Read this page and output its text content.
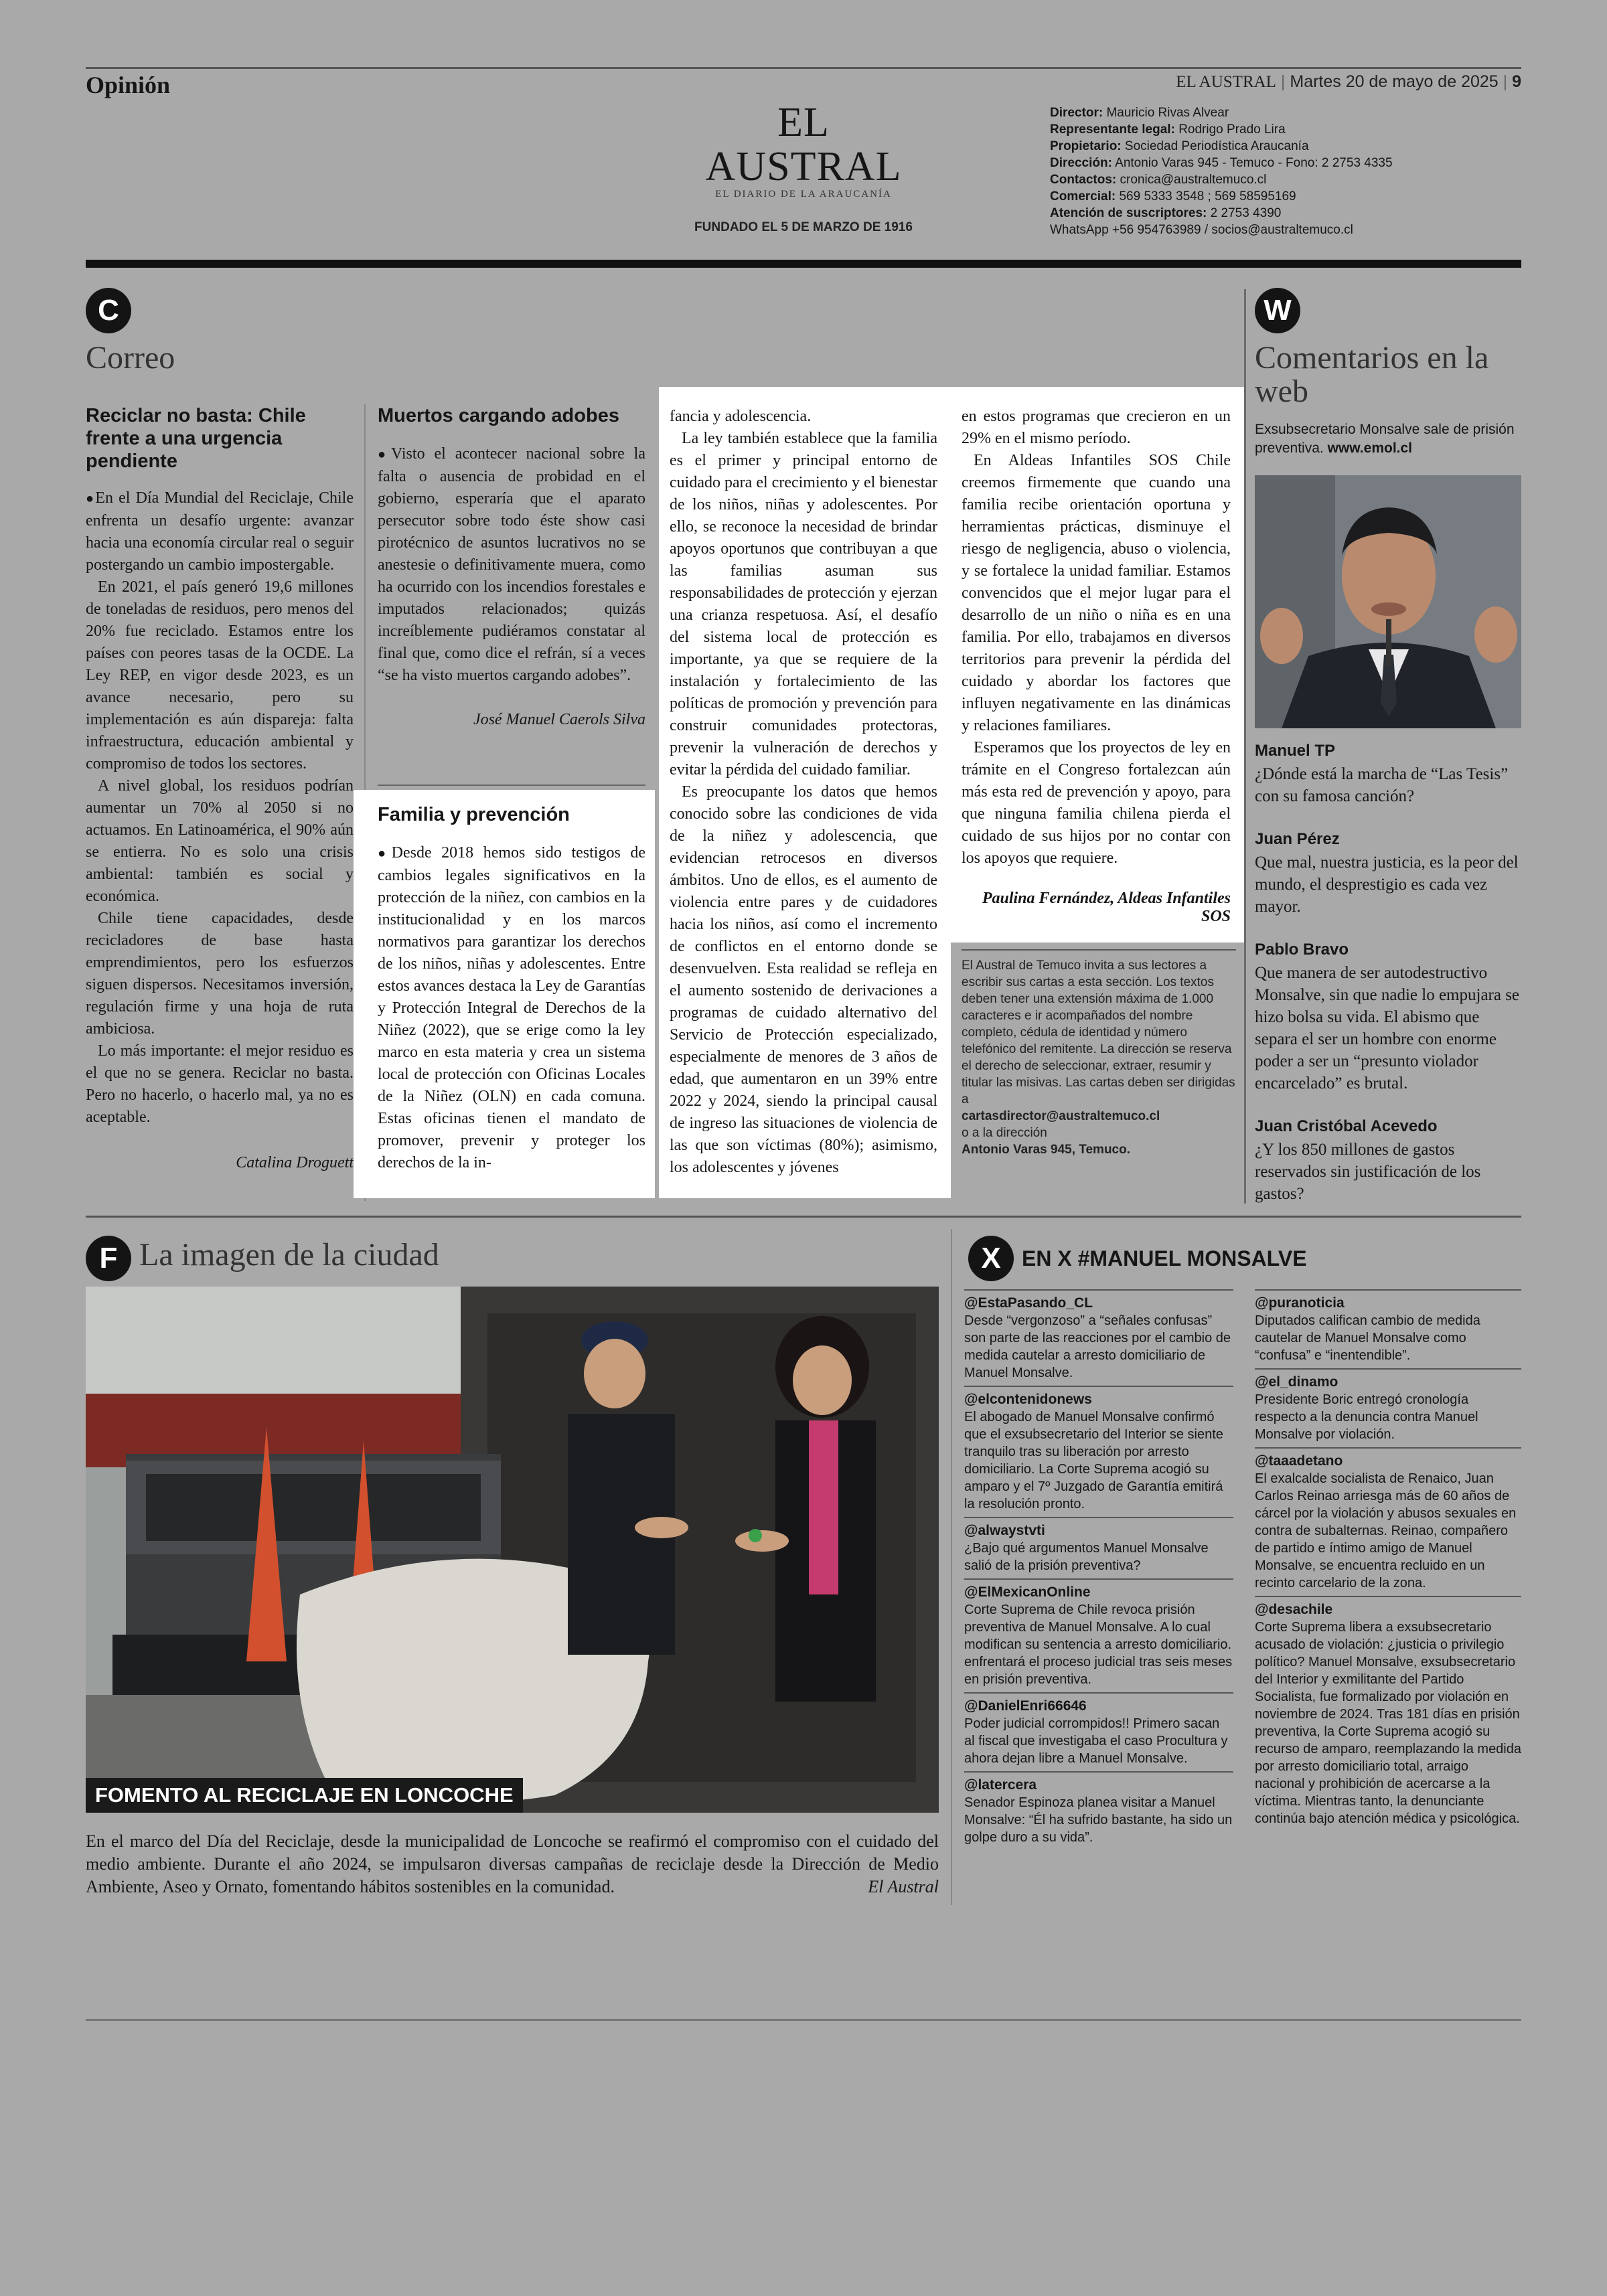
Opinión	EL AUSTRAL | Martes 20 de mayo de 2025 | 9
EL AUSTRAL
EL DIARIO DE LA ARAUCANÍA
FUNDADO EL 5 DE MARZO DE 1916
Director: Mauricio Rivas Alvear
Representante legal: Rodrigo Prado Lira
Propietario: Sociedad Periodística Araucanía
Dirección: Antonio Varas 945 - Temuco - Fono: 2 2753 4335
Contactos: cronica@australtemuco.cl
Comercial: 569 5333 3548 ; 569 58595169
Atención de suscriptores: 2 2753 4390
WhatsApp +56 954763989 / socios@australtemuco.cl
C
Correo
Reciclar no basta: Chile frente a una urgencia pendiente

● En el Día Mundial del Reciclaje, Chile enfrenta un desafío urgente: avanzar hacia una economía circular real o seguir postergando un cambio impostergable.

En 2021, el país generó 19,6 millones de toneladas de residuos, pero menos del 20% fue reciclado. Estamos entre los países con peores tasas de la OCDE. La Ley REP, en vigor desde 2023, es un avance necesario, pero su implementación es aún dispareja: falta infraestructura, educación ambiental y compromiso de todos los sectores.

A nivel global, los residuos podrían aumentar un 70% al 2050 si no actuamos. En Latinoamérica, el 90% aún se entierra. No es solo una crisis ambiental: también es social y económica.

Chile tiene capacidades, desde recicladores de base hasta emprendimientos, pero los esfuerzos siguen dispersos. Necesitamos inversión, regulación firme y una hoja de ruta ambiciosa.

Lo más importante: el mejor residuo es el que no se genera. Reciclar no basta. Pero no hacerlo, o hacerlo mal, ya no es aceptable.

Catalina Droguett
Muertos cargando adobes

● Visto el acontecer nacional sobre la falta o ausencia de probidad en el gobierno, esperaría que el aparato persecutor sobre todo éste show casi pirotécnico de asuntos lucrativos no se anestesie o definitivamente muera, como ha ocurrido con los incendios forestales e imputados relacionados; quizás increíblemente pudiéramos constatar al final que, como dice el refrán, sí a veces “se ha visto muertos cargando adobes”.

José Manuel Caerols Silva
Familia y prevención

● Desde 2018 hemos sido testigos de cambios legales significativos en la protección de la niñez, con cambios en la institucionalidad y en los marcos normativos para garantizar los derechos de los niños, niñas y adolescentes. Entre estos avances destaca la Ley de Garantías y Protección Integral de Derechos de la Niñez (2022), que se erige como la ley marco en esta materia y crea un sistema local de protección con Oficinas Locales de la Niñez (OLN) en cada comuna. Estas oficinas tienen el mandato de promover, prevenir y proteger los derechos de la in-

fancia y adolescencia.

La ley también establece que la familia es el primer y principal entorno de cuidado para el crecimiento y el bienestar de los niños, niñas y adolescentes. Por ello, se reconoce la necesidad de brindar apoyos oportunos que contribuyan a que las familias asuman sus responsabilidades de protección y ejerzan una crianza respetuosa. Así, el desafío del sistema local de protección es importante, ya que se requiere de la instalación y fortalecimiento de las políticas de promoción y prevención para construir comunidades protectoras, prevenir la vulneración de derechos y evitar la pérdida del cuidado familiar.

Es preocupante los datos que hemos conocido sobre las condiciones de vida de la niñez y adolescencia, que evidencian retrocesos en diversos ámbitos. Uno de ellos, es el aumento de violencia entre pares y de cuidadores hacia los niños, así como el incremento de conflictos en el entorno donde se desenvuelven. Esta realidad se refleja en el aumento sostenido de derivaciones a programas de cuidado alternativo del Servicio de Protección especializado, especialmente de menores de 3 años de edad, que aumentaron en un 39% entre 2022 y 2024, siendo la principal causal de ingreso las situaciones de violencia de las que son víctimas (80%); asimismo, los adolescentes y jóvenes

en estos programas que crecieron en un 29% en el mismo período.

En Aldeas Infantiles SOS Chile creemos firmemente que cuando una familia recibe orientación oportuna y herramientas prácticas, disminuye el riesgo de negligencia, abuso o violencia, y se fortalece la unidad familiar. Estamos convencidos que el mejor lugar para el desarrollo de un niño o niña es en una familia. Por ello, trabajamos en diversos territorios para prevenir la pérdida del cuidado y abordar los factores que influyen negativamente en las dinámicas y relaciones familiares.

Esperamos que los proyectos de ley en trámite en el Congreso fortalezcan aún más esta red de prevención y apoyo, para que ninguna familia chilena pierda el cuidado de sus hijos por no contar con los apoyos que requiere.

Paulina Fernández, Aldeas Infantiles SOS
El Austral de Temuco invita a sus lectores a escribir sus cartas a esta sección. Los textos deben tener una extensión máxima de 1.000 caracteres e ir acompañados del nombre completo, cédula de identidad y número telefónico del remitente. La dirección se reserva el derecho de seleccionar, extraer, resumir y titular las misivas. Las cartas deben ser dirigidas a
cartasdirector@australtemuco.cl
o a la dirección
Antonio Varas 945, Temuco.
W
Comentarios en la web
Exsubsecretario Monsalve sale de prisión preventiva. www.emol.cl
Manuel TP
¿Dónde está la marcha de “Las Tesis” con su famosa canción?
Juan Pérez
Que mal, nuestra justicia, es la peor del mundo, el desprestigio es cada vez mayor.
Pablo Bravo
Que manera de ser autodestructivo Monsalve, sin que nadie lo empujara se hizo bolsa su vida. El abismo que separa el ser un hombre con enorme poder a ser un “presunto violador encarcelado” es brutal.
Juan Cristóbal Acevedo
¿Y los 850 millones de gastos reservados sin justificación de los gastos?
F La imagen de la ciudad
FOMENTO AL RECICLAJE EN LONCOCHE
En el marco del Día del Reciclaje, desde la municipalidad de Loncoche se reafirmó el compromiso con el cuidado del medio ambiente. Durante el año 2024, se impulsaron diversas campañas de reciclaje desde la Dirección de Medio Ambiente, Aseo y Ornato, fomentando hábitos sostenibles en la comunidad.	El Austral
X EN X #MANUEL MONSALVE
@EstaPasando_CL
Desde “vergonzoso” a “señales confusas” son parte de las reacciones por el cambio de medida cautelar a arresto domiciliario de Manuel Monsalve.
@elcontenidonews
El abogado de Manuel Monsalve confirmó que el exsubsecretario del Interior se siente tranquilo tras su liberación por arresto domiciliario. La Corte Suprema acogió su amparo y el 7º Juzgado de Garantía emitirá la resolución pronto.
@alwaystvti
¿Bajo qué argumentos Manuel Monsalve salió de la prisión preventiva?
@ElMexicanOnline
Corte Suprema de Chile revoca prisión preventiva de Manuel Monsalve. A lo cual modifican su sentencia a arresto domiciliario. enfrentará el proceso judicial tras seis meses en prisión preventiva.
@DanielEnri66646
Poder judicial corrompidos!! Primero sacan al fiscal que investigaba el caso Procultura y ahora dejan libre a Manuel Monsalve.
@latercera
Senador Espinoza planea visitar a Manuel Monsalve: “Él ha sufrido bastante, ha sido un golpe duro a su vida”.
@puranoticia
Diputados califican cambio de medida cautelar de Manuel Monsalve como “confusa” e “inentendible”.
@el_dinamo
Presidente Boric entregó cronología respecto a la denuncia contra Manuel Monsalve por violación.
@taaadetano
El exalcalde socialista de Renaico, Juan Carlos Reinao arriesga más de 60 años de cárcel por la violación y abusos sexuales en contra de subalternas. Reinao, compañero de partido e íntimo amigo de Manuel Monsalve, se encuentra recluido en un recinto carcelario de la zona.
@desachile
Corte Suprema libera a exsubsecretario acusado de violación: ¿justicia o privilegio político? Manuel Monsalve, exsubsecretario del Interior y exmilitante del Partido Socialista, fue formalizado por violación en noviembre de 2024. Tras 181 días en prisión preventiva, la Corte Suprema acogió su recurso de amparo, reemplazando la medida por arresto domiciliario total, arraigo nacional y prohibición de acercarse a la víctima. Mientras tanto, la denunciante continúa bajo atención médica y psicológica.
